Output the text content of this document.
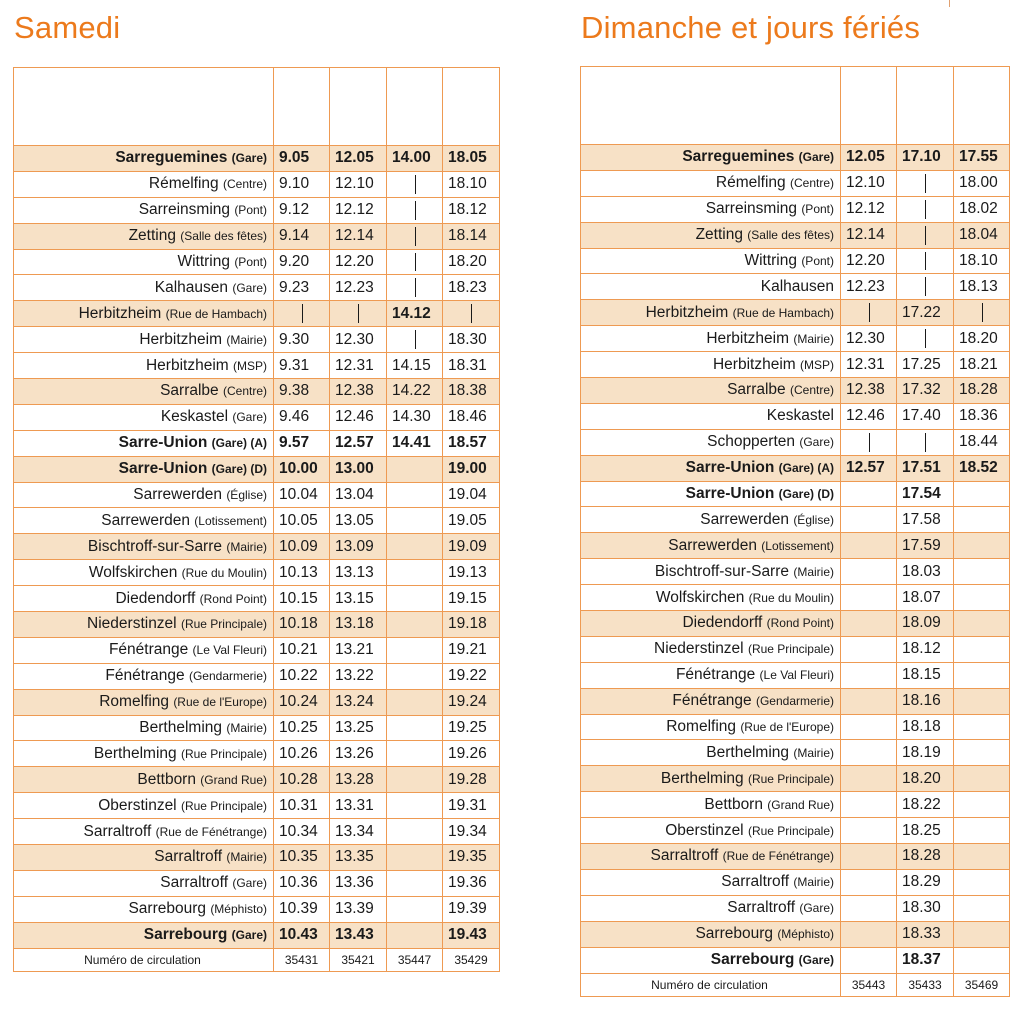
Samedi	Dimanche et jours fériés

Sarreguemines (Gare)	9.05	12.05	14.00	18.05
Rémelfing (Centre)	9.10	12.10		18.10
Sarreinsming (Pont)	9.12	12.12		18.12
Zetting (Salle des fêtes)	9.14	12.14		18.14
Wittring (Pont)	9.20	12.20		18.20
Kalhausen (Gare)	9.23	12.23		18.23
Herbitzheim (Rue de Hambach)			14.12	

Herbitzheim (Mairie)	9.30	12.30		18.30
Herbitzheim (MSP)	9.31	12.31	14.15	18.31
Sarralbe (Centre)	9.38	12.38	14.22	18.38
Keskastel (Gare)	9.46	12.46	14.30	18.46
Sarre-Union (Gare) (A)	9.57	12.57	14.41	18.57
Sarre-Union (Gare) (D)	10.00	13.00		19.00
Sarrewerden (Église)	10.04	13.04		19.04
Sarrewerden (Lotissement)	10.05	13.05		19.05
Bischtroff-sur-Sarre (Mairie)	10.09	13.09		19.09
Wolfskirchen (Rue du Moulin)	10.13	13.13		19.13
Diedendorff (Rond Point)	10.15	13.15		19.15
Niederstinzel (Rue Principale)	10.18	13.18		19.18
Fénétrange (Le Val Fleuri)	10.21	13.21		19.21
Fénétrange (Gendarmerie)	10.22	13.22		19.22
Romelfing (Rue de l'Europe)	10.24	13.24		19.24
Berthelming (Mairie)	10.25	13.25		19.25
Berthelming (Rue Principale)	10.26	13.26		19.26
Bettborn (Grand Rue)	10.28	13.28		19.28
Oberstinzel (Rue Principale)	10.31	13.31		19.31
Sarraltroff (Rue de Fénétrange)	10.34	13.34		19.34
Sarraltroff (Mairie)	10.35	13.35		19.35
Sarraltroff (Gare)	10.36	13.36		19.36
Sarrebourg (Méphisto)	10.39	13.39		19.39
Sarrebourg (Gare)	10.43	13.43		19.43
Numéro de circulation	35431	35421	35447	35429

Sarreguemines (Gare)	12.05	17.10	17.55
Rémelfing (Centre)	12.10		18.00
Sarreinsming (Pont)	12.12		18.02
Zetting (Salle des fêtes)	12.14		18.04
Wittring (Pont)	12.20		18.10
Kalhausen	12.23		18.13
Herbitzheim (Rue de Hambach)		17.22	

Herbitzheim (Mairie)	12.30		18.20
Herbitzheim (MSP)	12.31	17.25	18.21
Sarralbe (Centre)	12.38	17.32	18.28
Keskastel	12.46	17.40	18.36
Schopperten (Gare)			18.44
Sarre-Union (Gare) (A)	12.57	17.51	18.52
Sarre-Union (Gare) (D)		17.54	
Sarrewerden (Église)		17.58	
Sarrewerden (Lotissement)		17.59	
Bischtroff-sur-Sarre (Mairie)		18.03	
Wolfskirchen (Rue du Moulin)		18.07	
Diedendorff (Rond Point)		18.09	
Niederstinzel (Rue Principale)		18.12	
Fénétrange (Le Val Fleuri)		18.15	
Fénétrange (Gendarmerie)		18.16	
Romelfing (Rue de l'Europe)		18.18	
Berthelming (Mairie)		18.19	
Berthelming (Rue Principale)		18.20	
Bettborn (Grand Rue)		18.22	
Oberstinzel (Rue Principale)		18.25	
Sarraltroff (Rue de Fénétrange)		18.28	
Sarraltroff (Mairie)		18.29	
Sarraltroff (Gare)		18.30	
Sarrebourg (Méphisto)		18.33	
Sarrebourg (Gare)		18.37	
Numéro de circulation	35443	35433	35469
